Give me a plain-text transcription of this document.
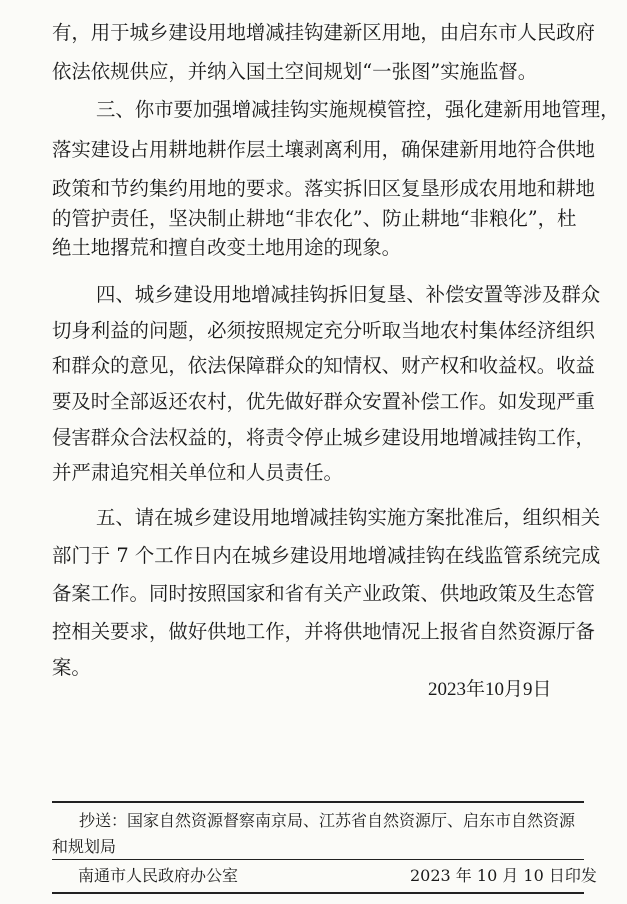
有，用于城乡建设用地增减挂钩建新区用地，由启东市人民政府
依法依规供应，并纳入国土空间规划“一张图”实施监督。
三、你市要加强增减挂钩实施规模管控，强化建新用地管理，
落实建设占用耕地耕作层土壤剥离利用，确保建新用地符合供地
政策和节约集约用地的要求。落实拆旧区复垦形成农用地和耕地
的管护责任，坚决制止耕地“非农化”、防止耕地“非粮化”，杜
绝土地撂荒和擅自改变土地用途的现象。
四、城乡建设用地增减挂钩拆旧复垦、补偿安置等涉及群众
切身利益的问题，必须按照规定充分听取当地农村集体经济组织
和群众的意见，依法保障群众的知情权、财产权和收益权。收益
要及时全部返还农村，优先做好群众安置补偿工作。如发现严重
侵害群众合法权益的，将责令停止城乡建设用地增减挂钩工作，
并严肃追究相关单位和人员责任。
五、请在城乡建设用地增减挂钩实施方案批准后，组织相关
部门于 7 个工作日内在城乡建设用地增减挂钩在线监管系统完成
备案工作。同时按照国家和省有关产业政策、供地政策及生态管
控相关要求，做好供地工作，并将供地情况上报省自然资源厅备
案。
2023年10月9日
抄送：国家自然资源督察南京局、江苏省自然资源厅、启东市自然资源
和规划局
南通市人民政府办公室	2023 年 10 月 10 日印发
